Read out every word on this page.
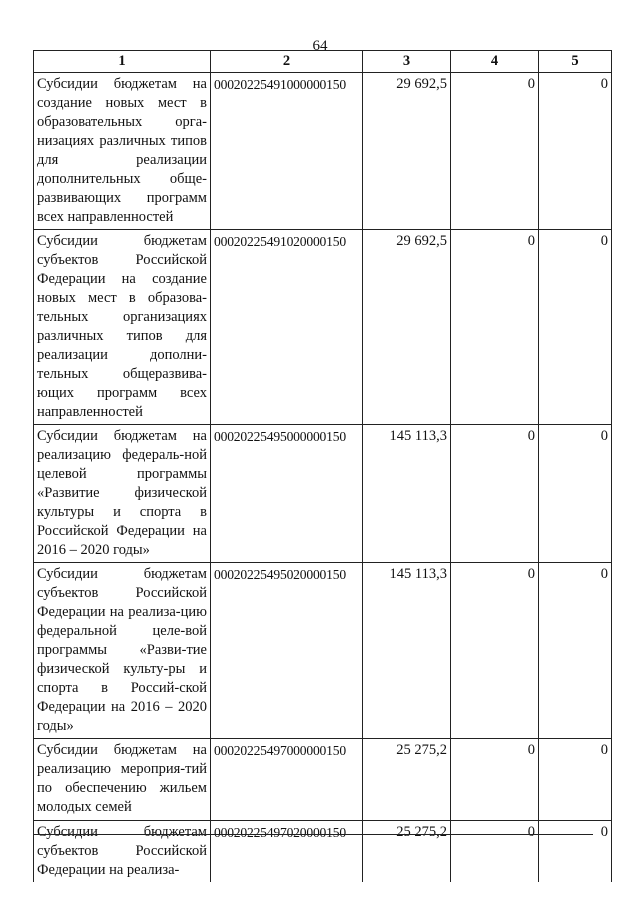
64
1	2	3	4	5
Субсидии бюджетам на создание новых мест в образовательных орга-низациях различных типов для реализации дополнительных обще-развивающих программ всех направленностей	00020225491000000150	29 692,5	0	0
Субсидии бюджетам субъектов Российской Федерации на создание новых мест в образова-тельных организациях различных типов для реализации дополни-тельных общеразвива-ющих программ всех направленностей	00020225491020000150	29 692,5	0	0
Субсидии бюджетам на реализацию федераль-ной целевой программы «Развитие физической культуры и спорта в Российской Федерации на 2016 – 2020 годы»	00020225495000000150	145 113,3	0	0
Субсидии бюджетам субъектов Российской Федерации на реализа-цию федеральной целе-вой программы «Разви-тие физической культу-ры и спорта в Россий-ской Федерации на 2016 – 2020 годы»	00020225495020000150	145 113,3	0	0
Субсидии бюджетам на реализацию мероприя-тий по обеспечению жильем молодых семей	00020225497000000150	25 275,2	0	0
Субсидии бюджетам субъектов Российской Федерации на реализа-	00020225497020000150	25 275,2	0	0
